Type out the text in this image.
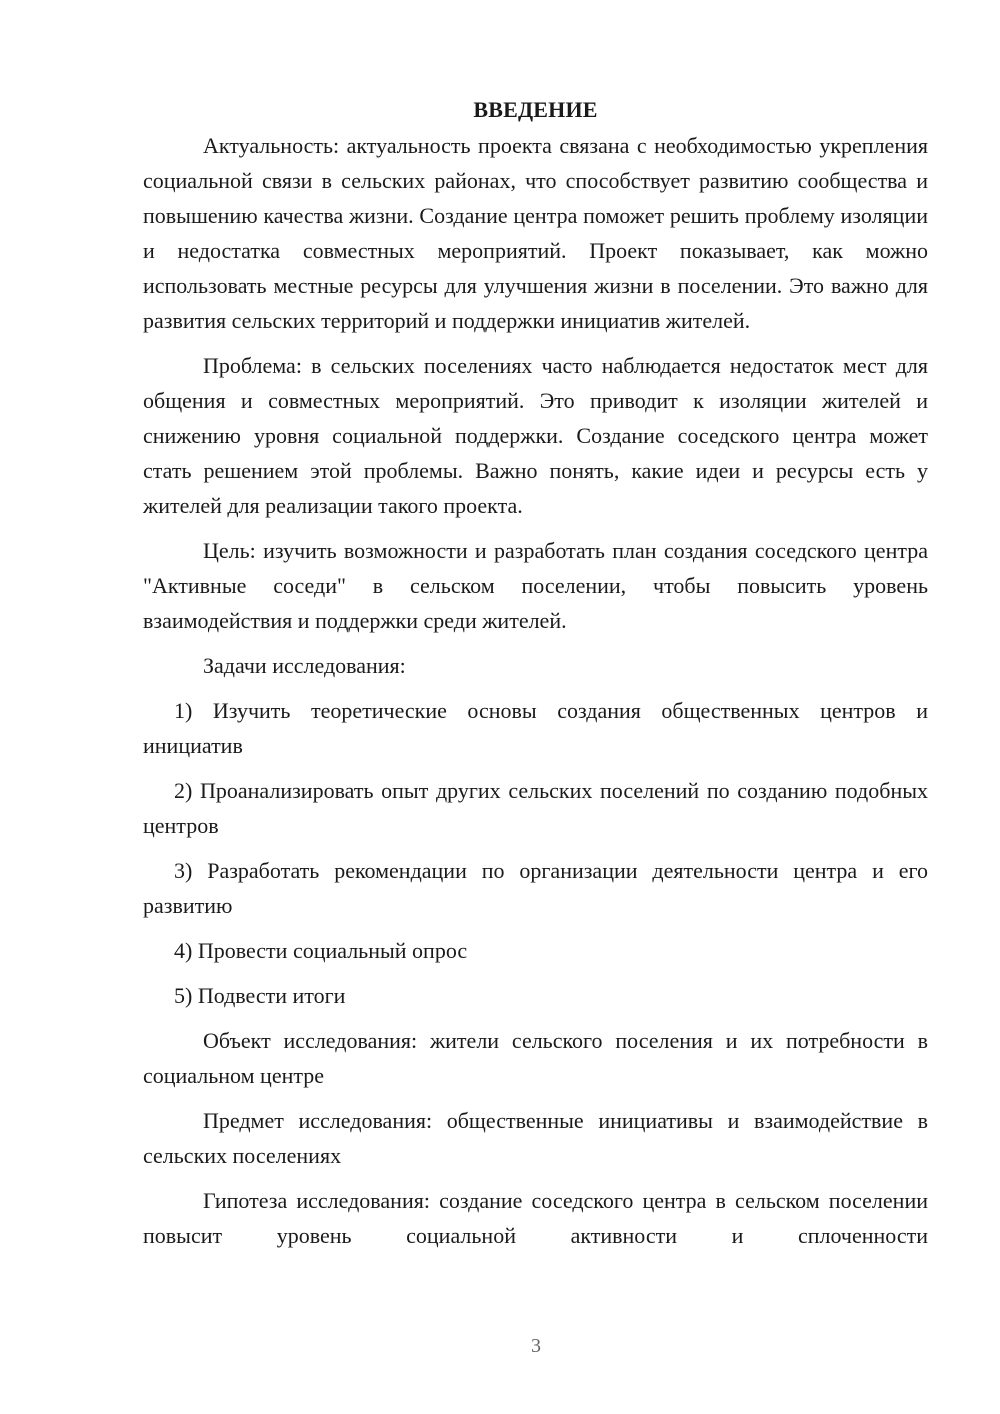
ВВЕДЕНИЕ

Актуальность: актуальность проекта связана с необходимостью укрепления социальной связи в сельских районах, что способствует развитию сообщества и повышению качества жизни. Создание центра поможет решить проблему изоляции и недостатка совместных мероприятий. Проект показывает, как можно использовать местные ресурсы для улучшения жизни в поселении. Это важно для развития сельских территорий и поддержки инициатив жителей.

Проблема: в сельских поселениях часто наблюдается недостаток мест для общения и совместных мероприятий. Это приводит к изоляции жителей и снижению уровня социальной поддержки. Создание соседского центра может стать решением этой проблемы. Важно понять, какие идеи и ресурсы есть у жителей для реализации такого проекта.

Цель: изучить возможности и разработать план создания соседского центра "Активные соседи" в сельском поселении, чтобы повысить уровень взаимодействия и поддержки среди жителей.

Задачи исследования:

1) Изучить теоретические основы создания общественных центров и инициатив

2) Проанализировать опыт других сельских поселений по созданию подобных центров

3) Разработать рекомендации по организации деятельности центра и его развитию

4) Провести социальный опрос

5) Подвести итоги

Объект исследования: жители сельского поселения и их потребности в социальном центре

Предмет исследования: общественные инициативы и взаимодействие в сельских поселениях

Гипотеза исследования: создание соседского центра в сельском поселении повысит уровень социальной активности и сплоченности

3
